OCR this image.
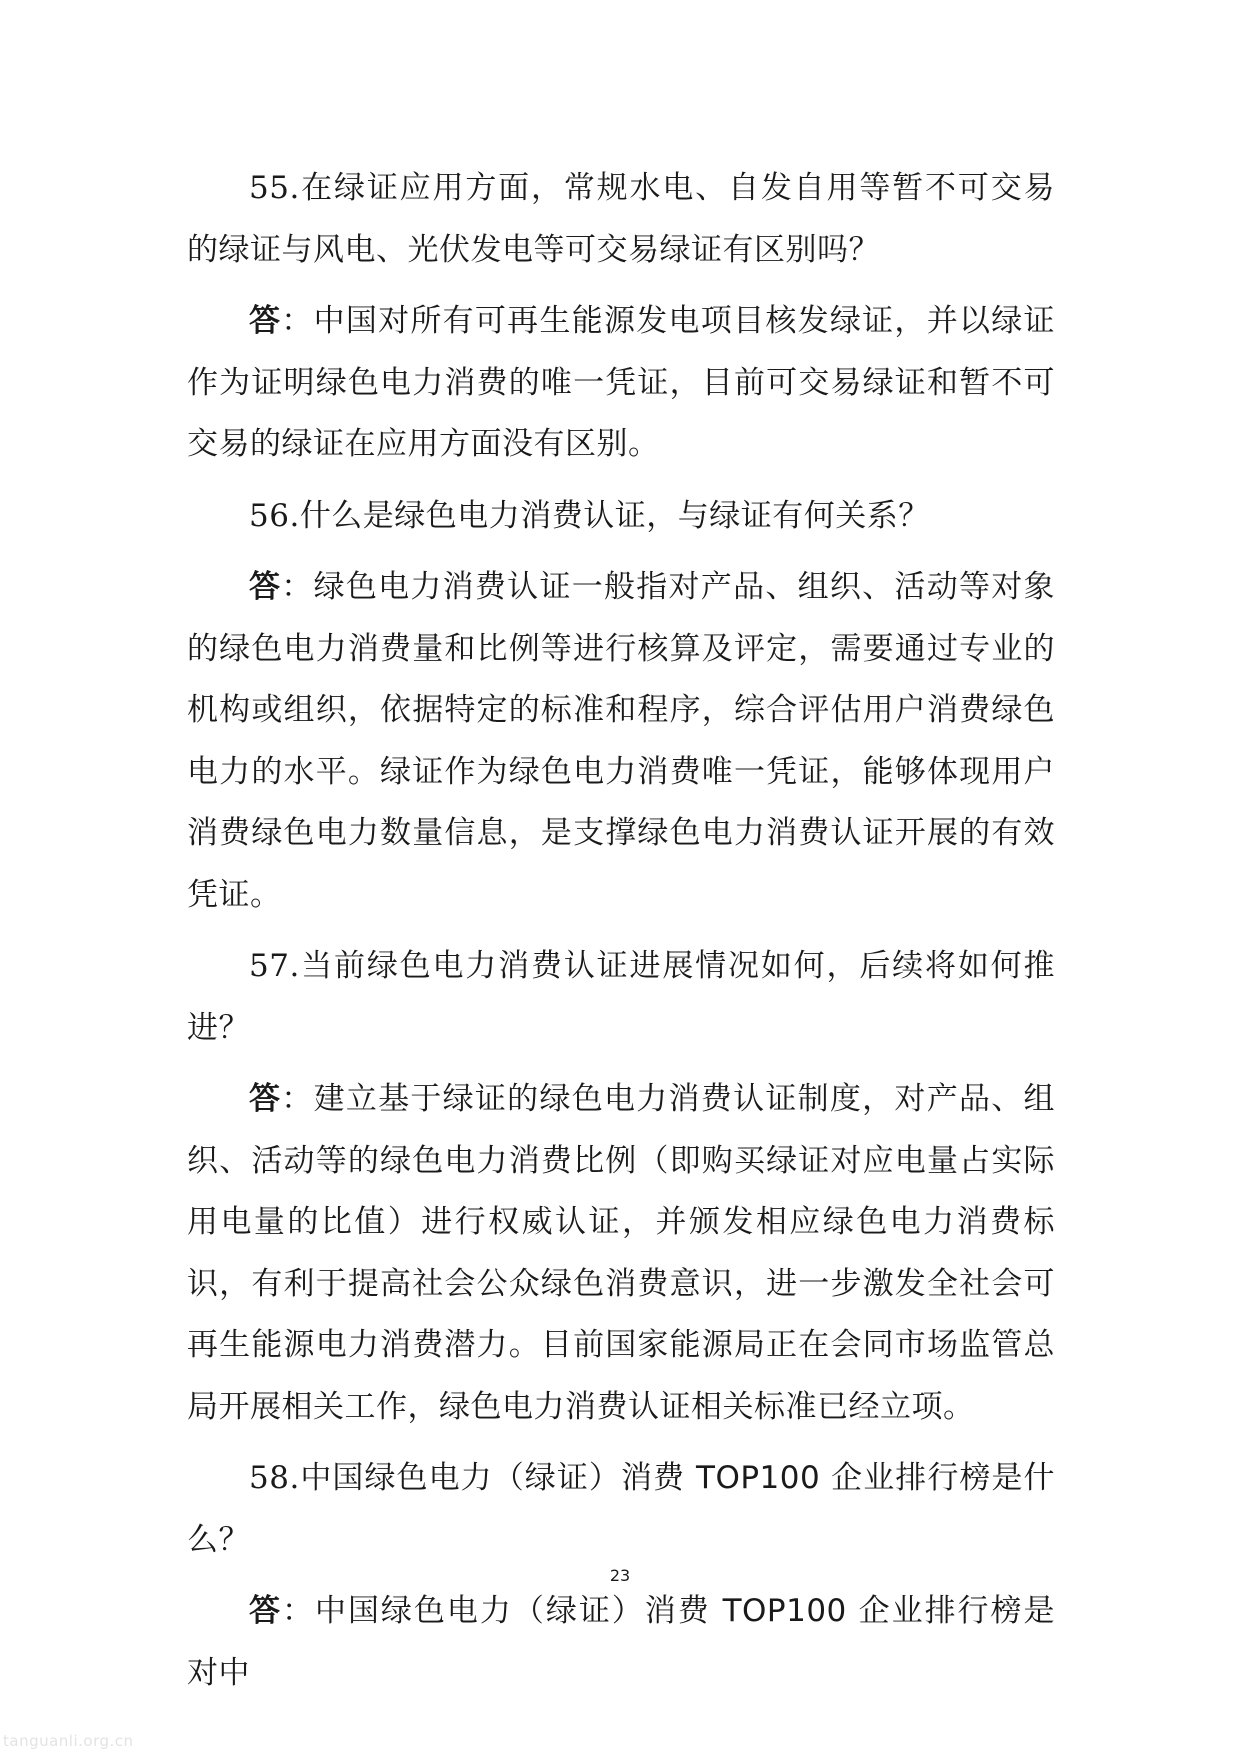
55.在绿证应用方面，常规水电、自发自用等暂不可交易的绿证与风电、光伏发电等可交易绿证有区别吗？

答：中国对所有可再生能源发电项目核发绿证，并以绿证作为证明绿色电力消费的唯一凭证，目前可交易绿证和暂不可交易的绿证在应用方面没有区别。

56.什么是绿色电力消费认证，与绿证有何关系？

答：绿色电力消费认证一般指对产品、组织、活动等对象的绿色电力消费量和比例等进行核算及评定，需要通过专业的机构或组织，依据特定的标准和程序，综合评估用户消费绿色电力的水平。绿证作为绿色电力消费唯一凭证，能够体现用户消费绿色电力数量信息，是支撑绿色电力消费认证开展的有效凭证。

57.当前绿色电力消费认证进展情况如何，后续将如何推进？

答：建立基于绿证的绿色电力消费认证制度，对产品、组织、活动等的绿色电力消费比例（即购买绿证对应电量占实际用电量的比值）进行权威认证，并颁发相应绿色电力消费标识，有利于提高社会公众绿色消费意识，进一步激发全社会可再生能源电力消费潜力。目前国家能源局正在会同市场监管总局开展相关工作，绿色电力消费认证相关标准已经立项。

58.中国绿色电力（绿证）消费 TOP100 企业排行榜是什么？

答：中国绿色电力（绿证）消费 TOP100 企业排行榜是对中

23
tanguanli.org.cn
